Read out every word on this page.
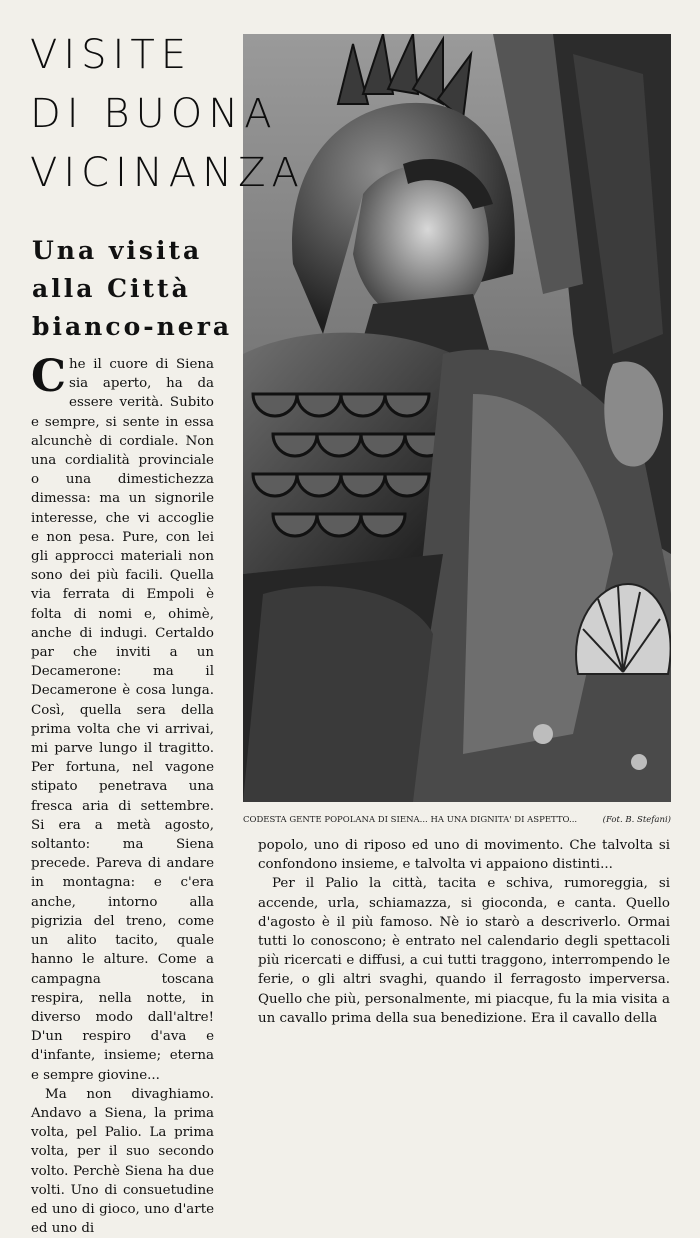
VISITE
DI BUONA
VICINANZA
Una visita
alla Città
bianco-nera
CODESTA GENTE POPOLANA DI SIENA... HA UNA DIGNITA' DI ASPETTO...	(Fot. B. Stefani)

Che il cuore di Siena sia aperto, ha da essere verità. Subito e sempre, si sente in essa alcunchè di cordiale. Non una cordialità provinciale o una dimestichezza dimessa: ma un signorile interesse, che vi accoglie e non pesa. Pure, con lei gli approcci materiali non sono dei più facili. Quella via ferrata di Empoli è folta di nomi e, ohimè, anche di indugi. Certaldo par che inviti a un Decamerone: ma il Decamerone è cosa lunga. Così, quella sera della prima volta che vi arrivai, mi parve lungo il tragitto. Per fortuna, nel vagone stipato penetrava una fresca aria di settembre. Si era a metà agosto, soltanto: ma Siena precede. Pareva di andare in montagna: e c'era anche, intorno alla pigrizia del treno, come un alito tacito, quale hanno le alture. Come a campagna toscana respira, nella notte, in diverso modo dall'altre! D'un respiro d'ava e d'infante, insieme; eterna e sempre giovine...

Ma non divaghiamo. Andavo a Siena, la prima volta, pel Palio. La prima volta, per il suo secondo volto. Perchè Siena ha due volti. Uno di consuetudine ed uno di gioco, uno d'arte ed uno di

popolo, uno di riposo ed uno di movimento. Che talvolta si confondono insieme, e talvolta vi appaiono distinti...

Per il Palio la città, tacita e schiva, rumoreggia, si accende, urla, schiamazza, si gioconda, e canta. Quello d'agosto è il più famoso. Nè io starò a descriverlo. Ormai tutti lo conoscono; è entrato nel calendario degli spettacoli più ricercati e diffusi, a cui tutti traggono, interrompendo le ferie, o gli altri svaghi, quando il ferragosto imperversa. Quello che più, personalmente, mi piacque, fu la mia visita a un cavallo prima della sua benedizione. Era il cavallo della
